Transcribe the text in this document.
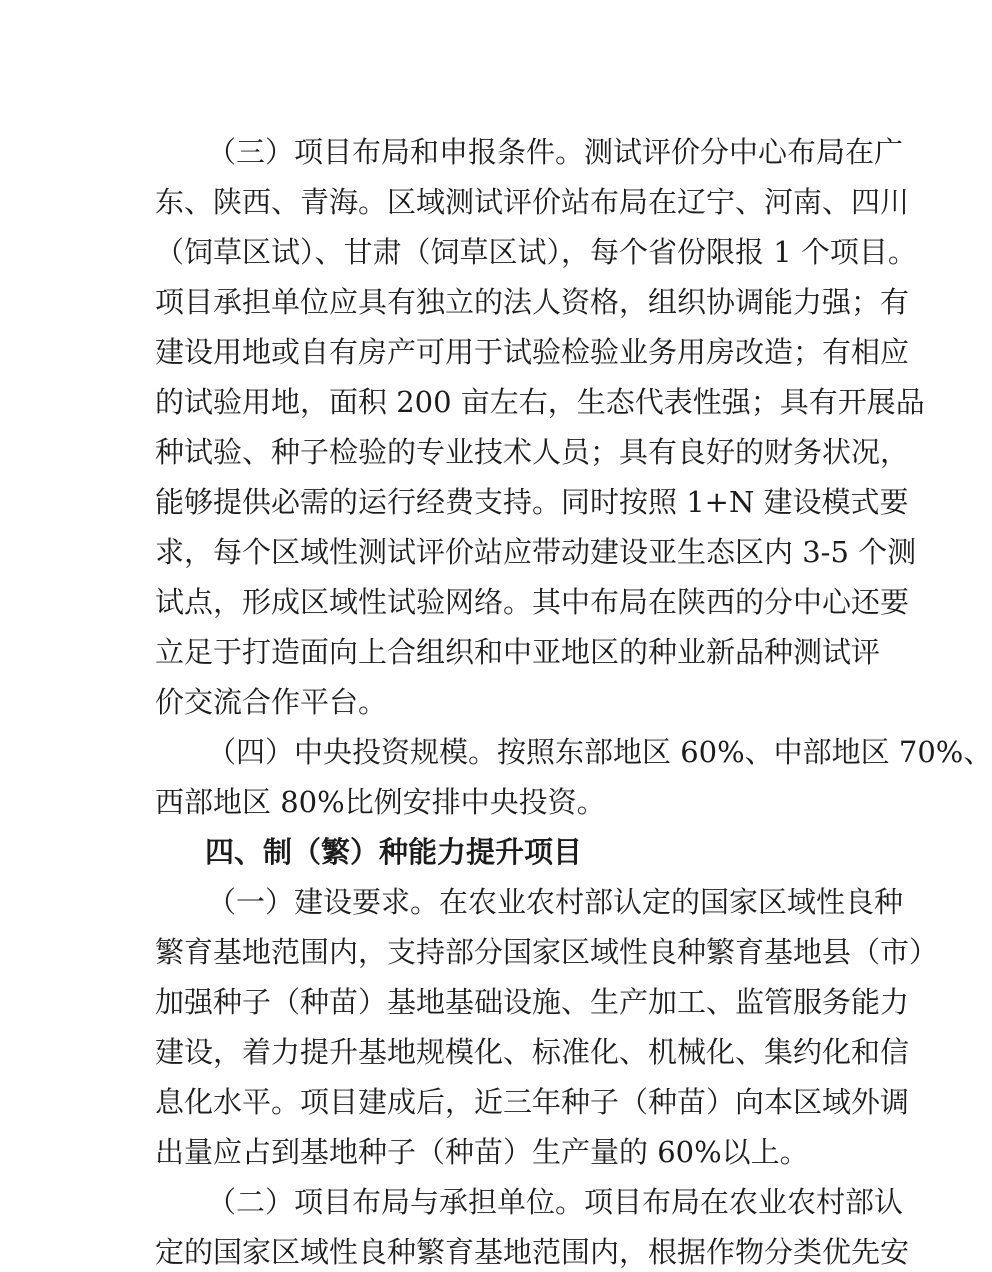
（三）项目布局和申报条件。测试评价分中心布局在广
东、陕西、青海。区域测试评价站布局在辽宁、河南、四川
（饲草区试）、甘肃（饲草区试），每个省份限报 1 个项目。
项目承担单位应具有独立的法人资格，组织协调能力强；有
建设用地或自有房产可用于试验检验业务用房改造；有相应
的试验用地，面积 200 亩左右，生态代表性强；具有开展品
种试验、种子检验的专业技术人员；具有良好的财务状况，
能够提供必需的运行经费支持。同时按照 1+N 建设模式要
求，每个区域性测试评价站应带动建设亚生态区内 3-5 个测
试点，形成区域性试验网络。其中布局在陕西的分中心还要
立足于打造面向上合组织和中亚地区的种业新品种测试评
价交流合作平台。
（四）中央投资规模。按照东部地区 60%、中部地区 70%、
西部地区 80%比例安排中央投资。
四、制（繁）种能力提升项目
（一）建设要求。在农业农村部认定的国家区域性良种
繁育基地范围内，支持部分国家区域性良种繁育基地县（市）
加强种子（种苗）基地基础设施、生产加工、监管服务能力
建设，着力提升基地规模化、标准化、机械化、集约化和信
息化水平。项目建成后，近三年种子（种苗）向本区域外调
出量应占到基地种子（种苗）生产量的 60%以上。
（二）项目布局与承担单位。项目布局在农业农村部认
定的国家区域性良种繁育基地范围内，根据作物分类优先安
